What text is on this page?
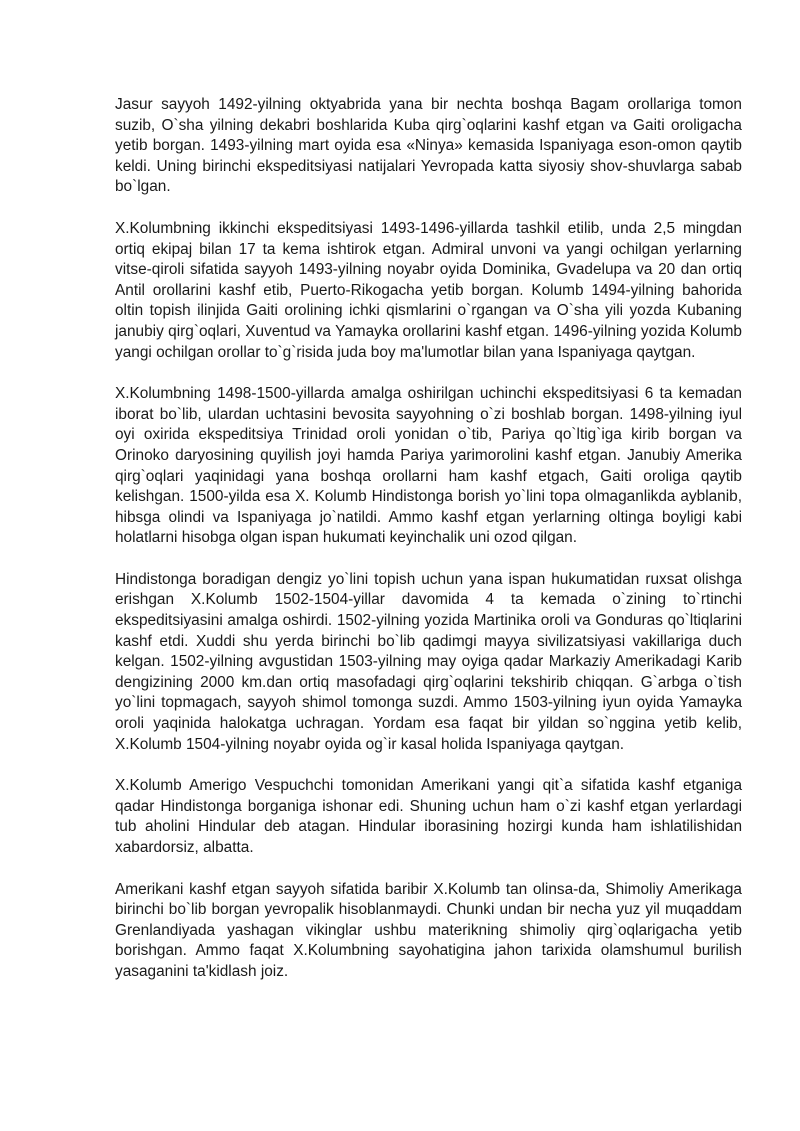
Jasur sayyoh 1492-yilning oktyabrida yana bir nechta boshqa Bagam orollariga tomon suzib, O`sha yilning dekabri boshlarida Kuba qirg`oqlarini kashf etgan va Gaiti oroligacha yetib borgan. 1493-yilning mart oyida esa «Ninya» kemasida Ispaniyaga eson-omon qaytib keldi. Uning birinchi ekspeditsiyasi natijalari Yevropada katta siyosiy shov-shuvlarga sabab bo`lgan.

X.Kolumbning ikkinchi ekspeditsiyasi 1493-1496-yillarda tashkil etilib, unda 2,5 mingdan ortiq ekipaj bilan 17 ta kema ishtirok etgan. Admiral unvoni va yangi ochilgan yerlarning vitse-qiroli sifatida sayyoh 1493-yilning noyabr oyida Dominika, Gvadelupa va 20 dan ortiq Antil orollarini kashf etib, Puerto-Rikogacha yetib borgan. Kolumb 1494-yilning bahorida oltin topish ilinjida Gaiti orolining ichki qismlarini o`rgangan va O`sha yili yozda Kubaning janubiy qirg`oqlari, Xuventud va Yamayka orollarini kashf etgan. 1496-yilning yozida Kolumb yangi ochilgan orollar to`g`risida juda boy ma'lumotlar bilan yana Ispaniyaga qaytgan.

X.Kolumbning 1498-1500-yillarda amalga oshirilgan uchinchi ekspeditsiyasi 6 ta kemadan iborat bo`lib, ulardan uchtasini bevosita sayyohning o`zi boshlab borgan. 1498-yilning iyul oyi oxirida ekspeditsiya Trinidad oroli yonidan o`tib, Pariya qo`ltig`iga kirib borgan va Orinoko daryosining quyilish joyi hamda Pariya yarimorolini kashf etgan. Janubiy Amerika qirg`oqlari yaqinidagi yana boshqa orollarni ham kashf etgach, Gaiti oroliga qaytib kelishgan. 1500-yilda esa X. Kolumb Hindistonga borish yo`lini topa olmaganlikda ayblanib, hibsga olindi va Ispaniyaga jo`natildi. Ammo kashf etgan yerlarning oltinga boyligi kabi holatlarni hisobga olgan ispan hukumati keyinchalik uni ozod qilgan.

Hindistonga boradigan dengiz yo`lini topish uchun yana ispan hukumatidan ruxsat olishga erishgan X.Kolumb 1502-1504-yillar davomida 4 ta kemada o`zining to`rtinchi ekspeditsiyasini amalga oshirdi. 1502-yilning yozida Martinika oroli va Gonduras qo`ltiqlarini kashf etdi. Xuddi shu yerda birinchi bo`lib qadimgi mayya sivilizatsiyasi vakillariga duch kelgan. 1502-yilning avgustidan 1503-yilning may oyiga qadar Markaziy Amerikadagi Karib dengizining 2000 km.dan ortiq masofadagi qirg`oqlarini tekshirib chiqqan. G`arbga o`tish yo`lini topmagach, sayyoh shimol tomonga suzdi. Ammo 1503-yilning iyun oyida Yamayka oroli yaqinida halokatga uchragan. Yordam esa faqat bir yildan so`nggina yetib kelib, X.Kolumb 1504-yilning noyabr oyida og`ir kasal holida Ispaniyaga qaytgan.

X.Kolumb Amerigo Vespuchchi tomonidan Amerikani yangi qit`a sifatida kashf etganiga qadar Hindistonga borganiga ishonar edi. Shuning uchun ham o`zi kashf etgan yerlardagi tub aholini Hindular deb atagan. Hindular iborasining hozirgi kunda ham ishlatilishidan xabardorsiz, albatta.

Amerikani kashf etgan sayyoh sifatida baribir X.Kolumb tan olinsa-da, Shimoliy Amerikaga birinchi bo`lib borgan yevropalik hisoblanmaydi. Chunki undan bir necha yuz yil muqaddam Grenlandiyada yashagan vikinglar ushbu materikning shimoliy qirg`oqlarigacha yetib borishgan. Ammo faqat X.Kolumbning sayohatigina jahon tarixida olamshumul burilish yasaganini ta'kidlash joiz.
